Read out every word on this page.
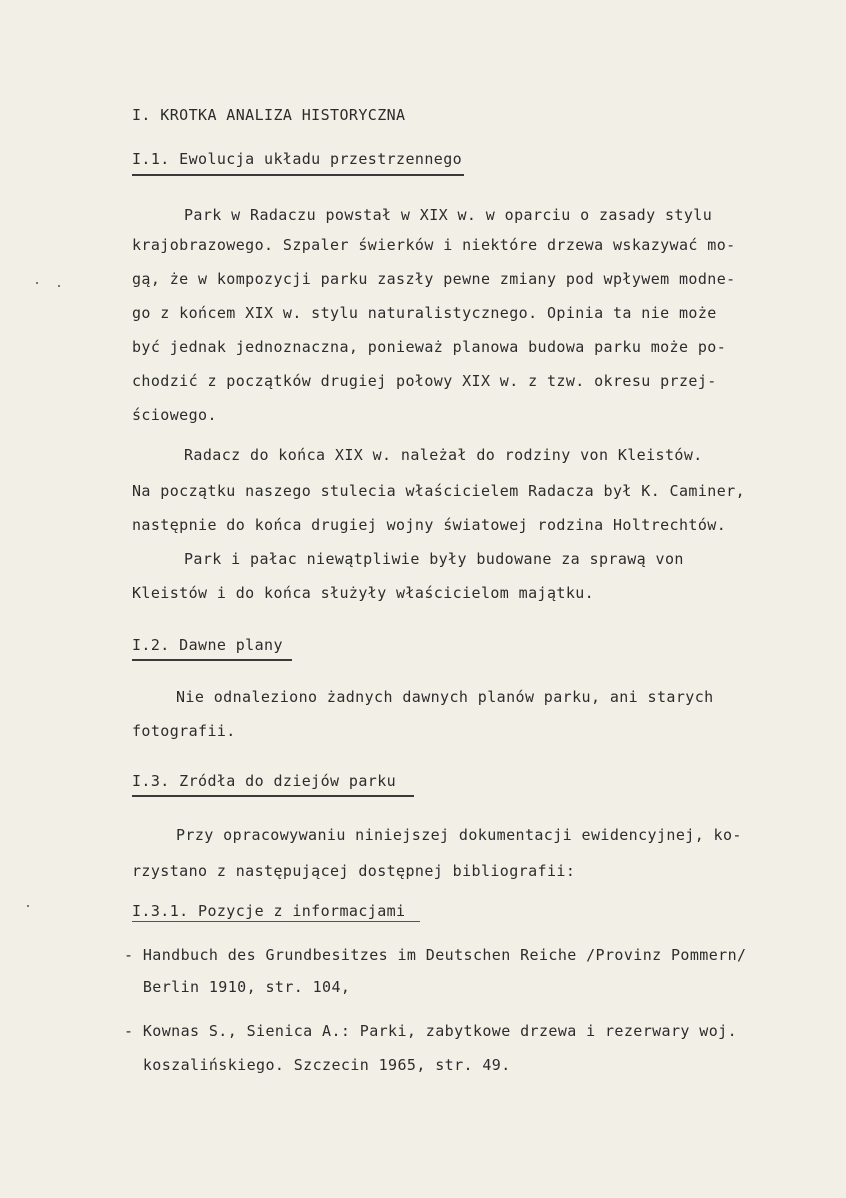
I. KROTKA ANALIZA HISTORYCZNA
I.1. Ewolucja układu przestrzennego
Park w Radaczu powstał w XIX w. w oparciu o zasady stylu
krajobrazowego. Szpaler świerków i niektóre drzewa wskazywać mo-
gą, że w kompozycji parku zaszły pewne zmiany pod wpływem modne-
go z końcem XIX w. stylu naturalistycznego. Opinia ta nie może
być jednak jednoznaczna, ponieważ planowa budowa parku może po-
chodzić z początków drugiej połowy XIX w. z tzw. okresu przej-
ściowego.
Radacz do końca XIX w. należał do rodziny von Kleistów.
Na początku naszego stulecia właścicielem Radacza był K. Caminer,
następnie do końca drugiej wojny światowej rodzina Holtrechtów.
Park i pałac niewątpliwie były budowane za sprawą von
Kleistów i do końca służyły właścicielom majątku.
I.2. Dawne plany
Nie odnaleziono żadnych dawnych planów parku, ani starych
fotografii.
I.3. Zródła do dziejów parku
Przy opracowywaniu niniejszej dokumentacji ewidencyjnej, ko-
rzystano z następującej dostępnej bibliografii:
I.3.1. Pozycje z informacjami
- Handbuch des Grundbesitzes im Deutschen Reiche /Provinz Pommern/
Berlin 1910, str. 104,
- Kownas S., Sienica A.: Parki, zabytkowe drzewa i rezerwary woj.
koszalińskiego. Szczecin 1965, str. 49.
